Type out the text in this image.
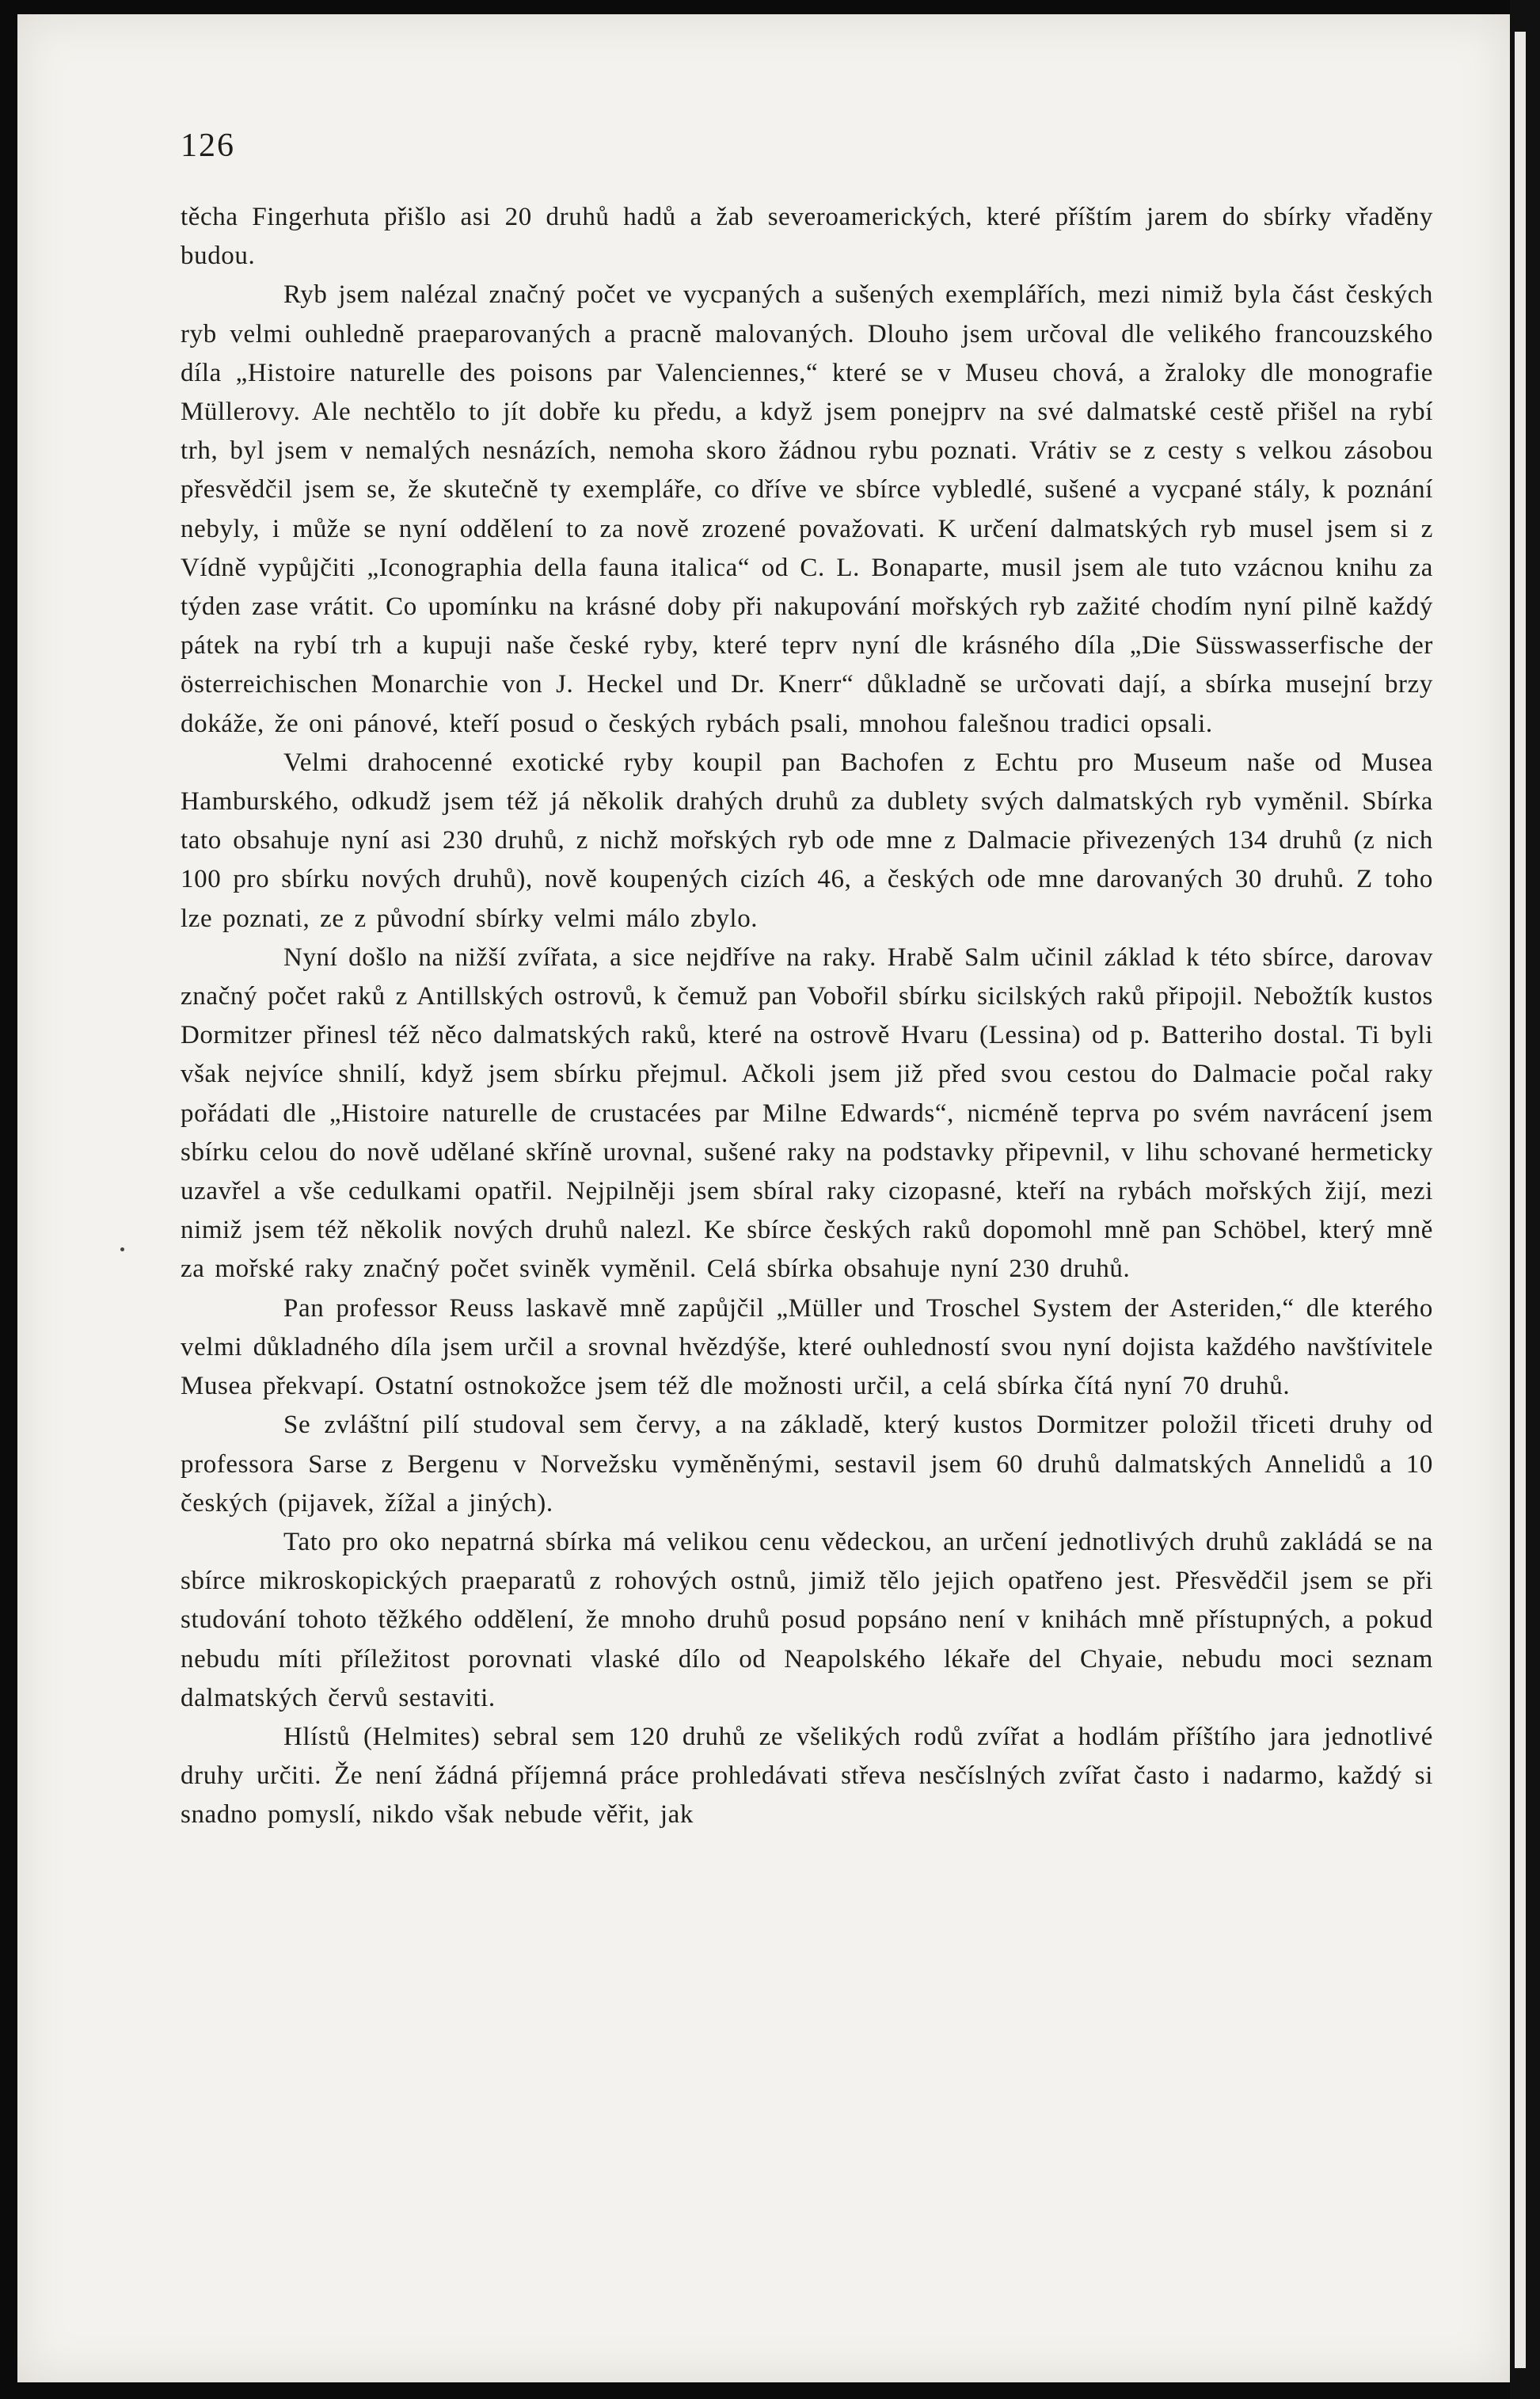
126

těcha Fingerhuta přišlo asi 20 druhů hadů a žab severoamerických, které příštím jarem do sbírky vřaděny budou.

Ryb jsem nalézal značný počet ve vycpaných a sušených exemplářích, mezi nimiž byla část českých ryb velmi ouhledně praeparovaných a pracně malovaných. Dlouho jsem určoval dle velikého francouzského díla „Histoire naturelle des poisons par Valenciennes,“ které se v Museu chová, a žraloky dle monografie Müllerovy. Ale nechtělo to jít dobře ku předu, a když jsem ponejprv na své dalmatské cestě přišel na rybí trh, byl jsem v nemalých nesnázích, nemoha skoro žádnou rybu poznati. Vrátiv se z cesty s velkou zásobou přesvědčil jsem se, že skutečně ty exempláře, co dříve ve sbírce vybledlé, sušené a vycpané stály, k poznání nebyly, i může se nyní oddělení to za nově zrozené považovati. K určení dalmatských ryb musel jsem si z Vídně vypůjčiti „Iconographia della fauna italica“ od C. L. Bonaparte, musil jsem ale tuto vzácnou knihu za týden zase vrátit. Co upomínku na krásné doby při nakupování mořských ryb zažité chodím nyní pilně každý pátek na rybí trh a kupuji naše české ryby, které teprv nyní dle krásného díla „Die Süsswasserfische der österreichischen Monarchie von J. Heckel und Dr. Knerr“ důkladně se určovati dají, a sbírka musejní brzy dokáže, že oni pánové, kteří posud o českých rybách psali, mnohou falešnou tradici opsali.

Velmi drahocenné exotické ryby koupil pan Bachofen z Echtu pro Museum naše od Musea Hamburského, odkudž jsem též já několik drahých druhů za dublety svých dalmatských ryb vyměnil. Sbírka tato obsahuje nyní asi 230 druhů, z nichž mořských ryb ode mne z Dalmacie přivezených 134 druhů (z nich 100 pro sbírku nových druhů), nově koupených cizích 46, a českých ode mne darovaných 30 druhů. Z toho lze poznati, ze z původní sbírky velmi málo zbylo.

Nyní došlo na nižší zvířata, a sice nejdříve na raky. Hrabě Salm učinil základ k této sbírce, darovav značný počet raků z Antillských ostrovů, k čemuž pan Vobořil sbírku sicilských raků připojil. Nebožtík kustos Dormitzer přinesl též něco dalmatských raků, které na ostrově Hvaru (Lessina) od p. Batteriho dostal. Ti byli však nejvíce shnilí, když jsem sbírku přejmul. Ačkoli jsem již před svou cestou do Dalmacie počal raky pořádati dle „Histoire naturelle de crustacées par Milne Edwards“, nicméně teprva po svém navrácení jsem sbírku celou do nově udělané skříně urovnal, sušené raky na podstavky připevnil, v lihu schované hermeticky uzavřel a vše cedulkami opatřil. Nejpilněji jsem sbíral raky cizopasné, kteří na rybách mořských žijí, mezi nimiž jsem též několik nových druhů nalezl. Ke sbírce českých raků dopomohl mně pan Schöbel, který mně za mořské raky značný počet sviněk vyměnil. Celá sbírka obsahuje nyní 230 druhů.

Pan professor Reuss laskavě mně zapůjčil „Müller und Troschel System der Asteriden,“ dle kterého velmi důkladného díla jsem určil a srovnal hvězdýše, které ouhledností svou nyní dojista každého navštívitele Musea překvapí. Ostatní ostnokožce jsem též dle možnosti určil, a celá sbírka čítá nyní 70 druhů.

Se zvláštní pilí studoval sem červy, a na základě, který kustos Dormitzer položil třiceti druhy od professora Sarse z Bergenu v Norvežsku vyměněnými, sestavil jsem 60 druhů dalmatských Annelidů a 10 českých (pijavek, žížal a jiných).

Tato pro oko nepatrná sbírka má velikou cenu vědeckou, an určení jednotlivých druhů zakládá se na sbírce mikroskopických praeparatů z rohových ostnů, jimiž tělo jejich opatřeno jest. Přesvědčil jsem se při studování tohoto těžkého oddělení, že mnoho druhů posud popsáno není v knihách mně přístupných, a pokud nebudu míti příležitost porovnati vlaské dílo od Neapolského lékaře del Chyaie, nebudu moci seznam dalmatských červů sestaviti.

Hlístů (Helmites) sebral sem 120 druhů ze všelikých rodů zvířat a hodlám příštího jara jednotlivé druhy určiti. Že není žádná příjemná práce prohledávati střeva nesčíslných zvířat často i nadarmo, každý si snadno pomyslí, nikdo však nebude věřit, jak
